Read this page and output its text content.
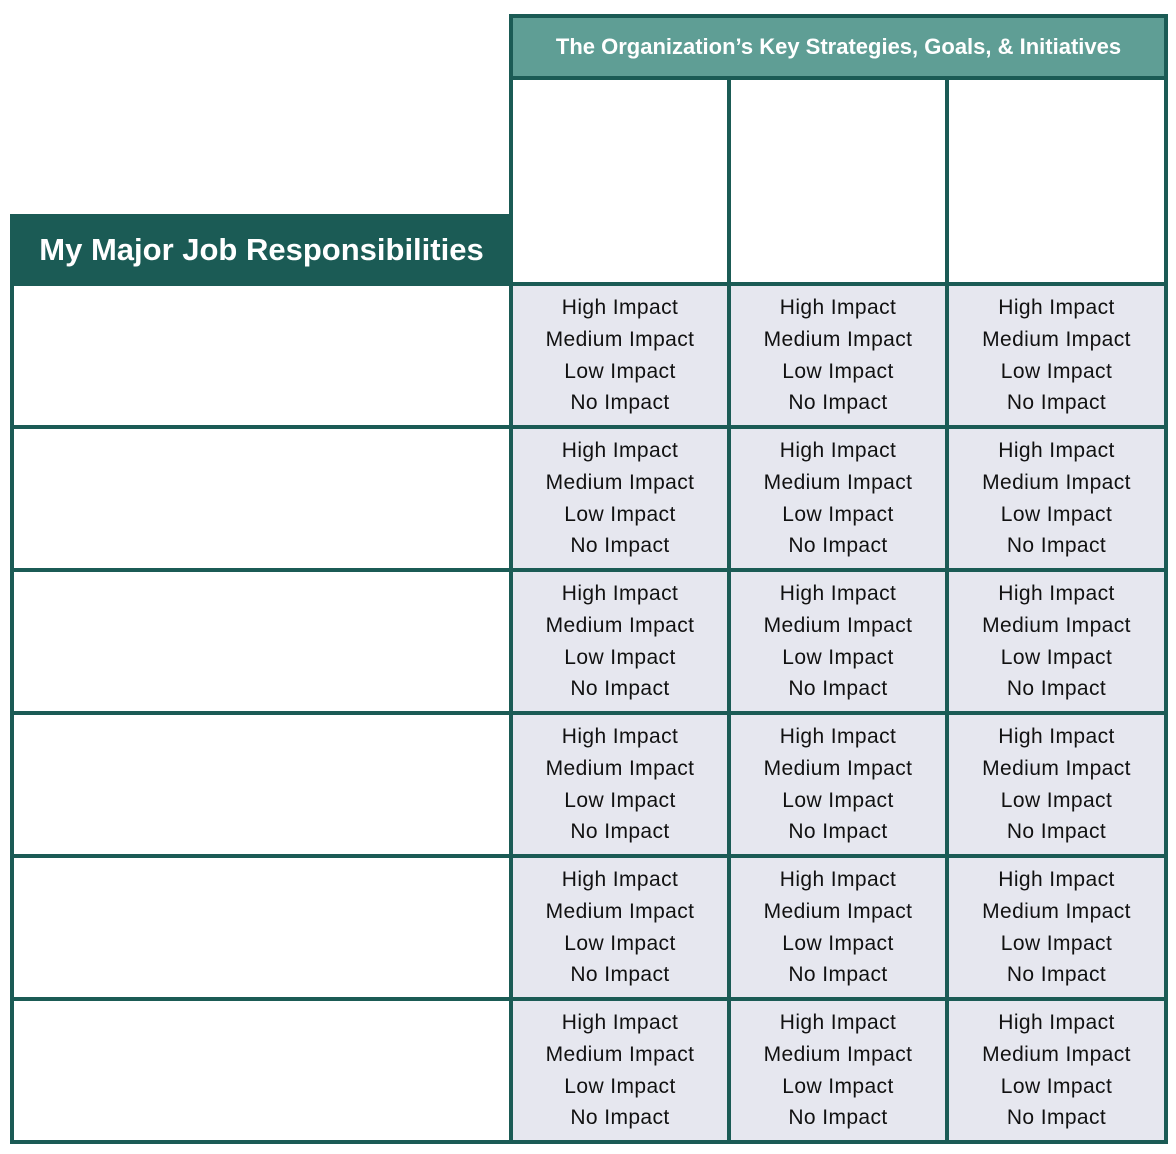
The Organization’s Key Strategies, Goals, & Initiatives
My Major Job Responsibilities
High Impact
Medium Impact
Low Impact
No Impact
High Impact
Medium Impact
Low Impact
No Impact
High Impact
Medium Impact
Low Impact
No Impact
High Impact
Medium Impact
Low Impact
No Impact
High Impact
Medium Impact
Low Impact
No Impact
High Impact
Medium Impact
Low Impact
No Impact
High Impact
Medium Impact
Low Impact
No Impact
High Impact
Medium Impact
Low Impact
No Impact
High Impact
Medium Impact
Low Impact
No Impact
High Impact
Medium Impact
Low Impact
No Impact
High Impact
Medium Impact
Low Impact
No Impact
High Impact
Medium Impact
Low Impact
No Impact
High Impact
Medium Impact
Low Impact
No Impact
High Impact
Medium Impact
Low Impact
No Impact
High Impact
Medium Impact
Low Impact
No Impact
High Impact
Medium Impact
Low Impact
No Impact
High Impact
Medium Impact
Low Impact
No Impact
High Impact
Medium Impact
Low Impact
No Impact
